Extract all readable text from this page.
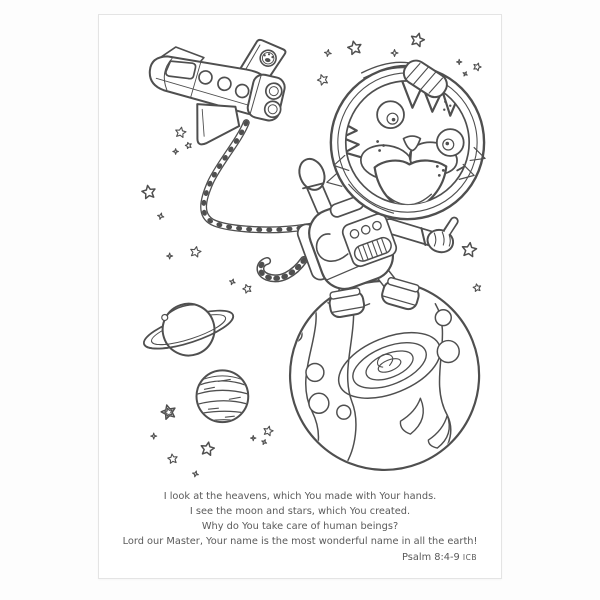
I look at the heavens, which You made with Your hands.
I see the moon and stars, which You created.
Why do You take care of human beings?
Lord our Master, Your name is the most wonderful name in all the earth!
Psalm 8:4-9 ICB
